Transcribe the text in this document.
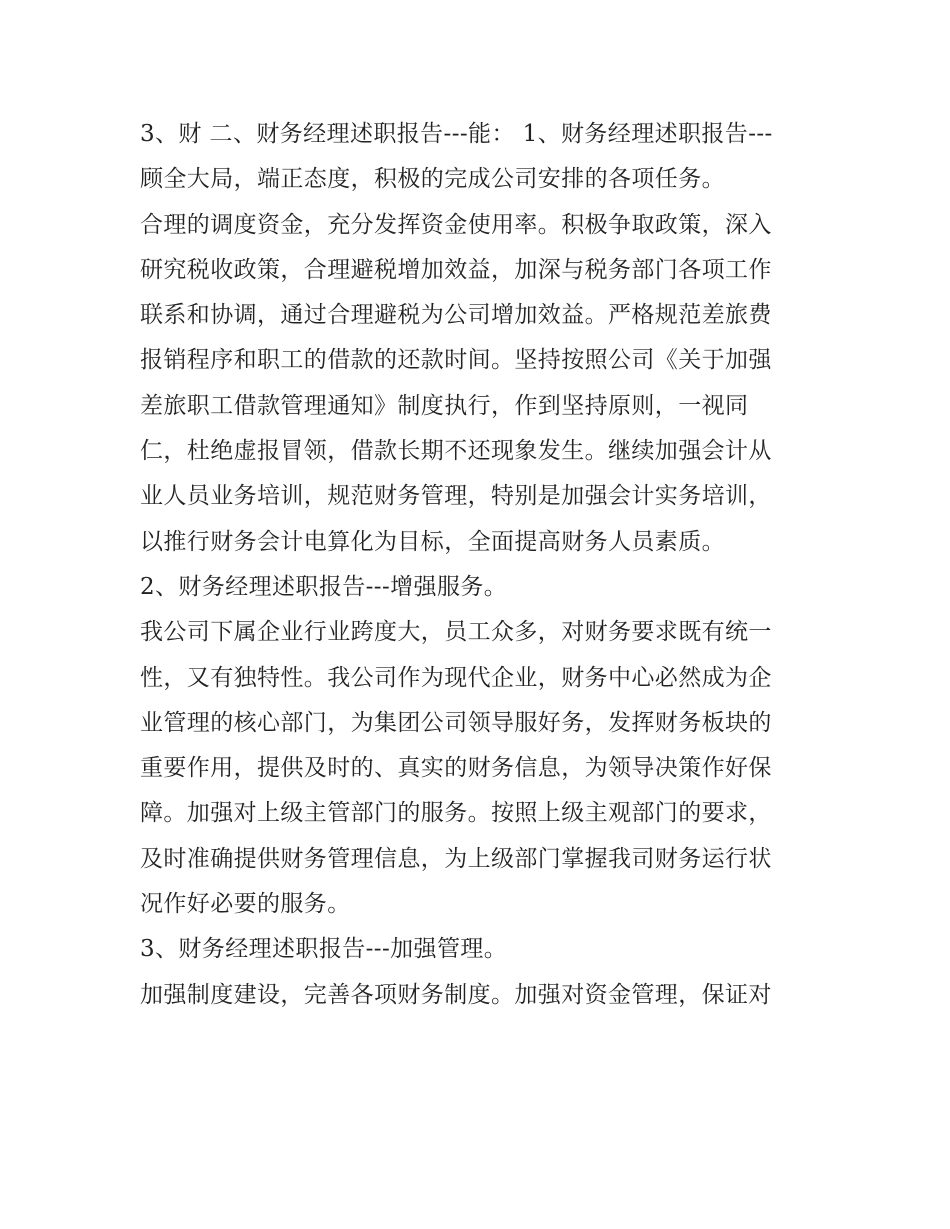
3、财 二、财务经理述职报告---能： 1、财务经理述职报告---
顾全大局，端正态度，积极的完成公司安排的各项任务。
合理的调度资金，充分发挥资金使用率。积极争取政策，深入
研究税收政策，合理避税增加效益，加深与税务部门各项工作
联系和协调，通过合理避税为公司增加效益。严格规范差旅费
报销程序和职工的借款的还款时间。坚持按照公司《关于加强
差旅职工借款管理通知》制度执行，作到坚持原则，一视同
仁，杜绝虚报冒领，借款长期不还现象发生。继续加强会计从
业人员业务培训，规范财务管理，特别是加强会计实务培训，
以推行财务会计电算化为目标，全面提高财务人员素质。
2、财务经理述职报告---增强服务。
我公司下属企业行业跨度大，员工众多，对财务要求既有统一
性，又有独特性。我公司作为现代企业，财务中心必然成为企
业管理的核心部门，为集团公司领导服好务，发挥财务板块的
重要作用，提供及时的、真实的财务信息，为领导决策作好保
障。加强对上级主管部门的服务。按照上级主观部门的要求，
及时准确提供财务管理信息，为上级部门掌握我司财务运行状
况作好必要的服务。
3、财务经理述职报告---加强管理。
加强制度建设，完善各项财务制度。加强对资金管理，保证对
